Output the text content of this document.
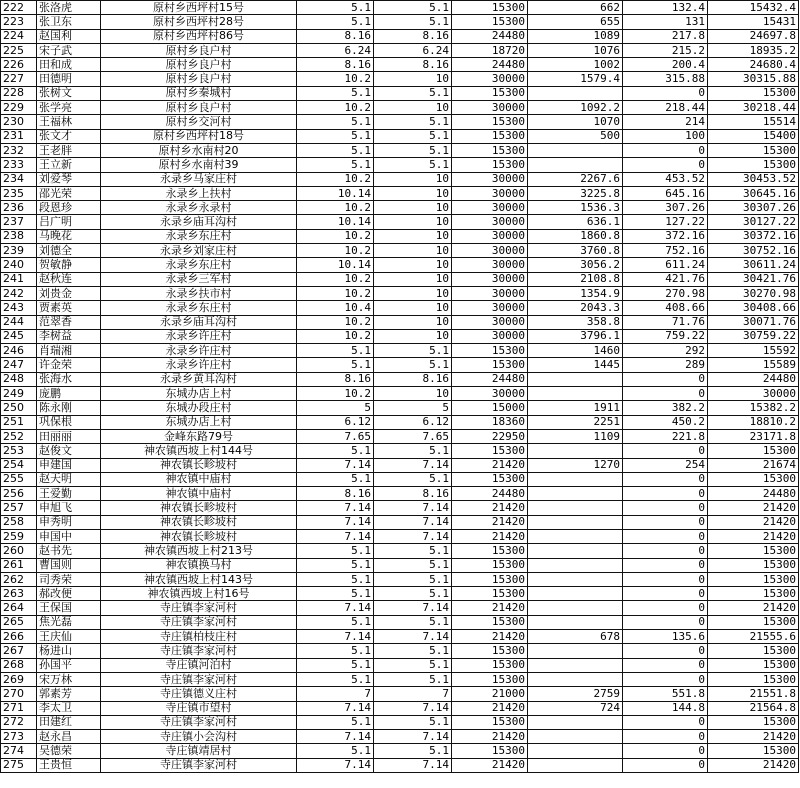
222	张洛虎	原村乡西坪村15号	5.1	5.1	15300	662	132.4	15432.4
223	张卫东	原村乡西坪村28号	5.1	5.1	15300	655	131	15431
224	赵国利	原村乡西坪村86号	8.16	8.16	24480	1089	217.8	24697.8
225	宋子武	原村乡良户村	6.24	6.24	18720	1076	215.2	18935.2
226	田和成	原村乡良户村	8.16	8.16	24480	1002	200.4	24680.4
227	田德明	原村乡良户村	10.2	10	30000	1579.4	315.88	30315.88
228	张树文	原村乡秦城村	5.1	5.1	15300		0	15300
229	张学亮	原村乡良户村	10.2	10	30000	1092.2	218.44	30218.44
230	王福林	原村乡交河村	5.1	5.1	15300	1070	214	15514
231	张文才	原村乡西坪村18号	5.1	5.1	15300	500	100	15400
232	王老胖	原村乡水南村20	5.1	5.1	15300		0	15300
233	王立新	原村乡水南村39	5.1	5.1	15300		0	15300
234	刘爱琴	永录乡马家庄村	10.2	10	30000	2267.6	453.52	30453.52
235	邵光荣	永录乡上扶村	10.14	10	30000	3225.8	645.16	30645.16
236	段恩珍	永录乡永录村	10.2	10	30000	1536.3	307.26	30307.26
237	吕广明	永录乡庙耳沟村	10.14	10	30000	636.1	127.22	30127.22
238	马晚花	永录乡东庄村	10.2	10	30000	1860.8	372.16	30372.16
239	刘德全	永录乡刘家庄村	10.2	10	30000	3760.8	752.16	30752.16
240	贺敏静	永录乡东庄村	10.14	10	30000	3056.2	611.24	30611.24
241	赵秋连	永录乡三军村	10.2	10	30000	2108.8	421.76	30421.76
242	刘贵金	永录乡扶市村	10.2	10	30000	1354.9	270.98	30270.98
243	贾素英	永录乡东庄村	10.4	10	30000	2043.3	408.66	30408.66
244	范翠香	永录乡庙耳沟村	10.2	10	30000	358.8	71.76	30071.76
245	李树益	永录乡许庄村	10.2	10	30000	3796.1	759.22	30759.22
246	肖瑞湘	永录乡许庄村	5.1	5.1	15300	1460	292	15592
247	许金荣	永录乡许庄村	5.1	5.1	15300	1445	289	15589
248	张海水	永录乡黄耳沟村	8.16	8.16	24480		0	24480
249	庞鹏	东城办店上村	10.2	10	30000		0	30000
250	陈永刚	东城办段庄村	5	5	15000	1911	382.2	15382.2
251	巩保根	东城办店上村	6.12	6.12	18360	2251	450.2	18810.2
252	田丽丽	金峰东路79号	7.65	7.65	22950	1109	221.8	23171.8
253	赵俊文	神农镇西坡上村144号	5.1	5.1	15300		0	15300
254	申建国	神农镇长畛坡村	7.14	7.14	21420	1270	254	21674
255	赵天明	神农镇中庙村	5.1	5.1	15300		0	15300
256	王爱勤	神农镇中庙村	8.16	8.16	24480		0	24480
257	申旭飞	神农镇长畛坡村	7.14	7.14	21420		0	21420
258	申秀明	神农镇长畛坡村	7.14	7.14	21420		0	21420
259	申国中	神农镇长畛坡村	7.14	7.14	21420		0	21420
260	赵书先	神农镇西坡上村213号	5.1	5.1	15300		0	15300
261	曹国则	神农镇换马村	5.1	5.1	15300		0	15300
262	司秀荣	神农镇西坡上村143号	5.1	5.1	15300		0	15300
263	郝改便	神农镇西坡上村16号	5.1	5.1	15300		0	15300
264	王保国	寺庄镇李家河村	7.14	7.14	21420		0	21420
265	焦光磊	寺庄镇李家河村	5.1	5.1	15300		0	15300
266	王庆仙	寺庄镇柏枝庄村	7.14	7.14	21420	678	135.6	21555.6
267	杨进山	寺庄镇李家河村	5.1	5.1	15300		0	15300
268	孙国平	寺庄镇河泊村	5.1	5.1	15300		0	15300
269	宋万林	寺庄镇李家河村	5.1	5.1	15300		0	15300
270	郭素芳	寺庄镇德义庄村	7	7	21000	2759	551.8	21551.8
271	李太卫	寺庄镇市望村	7.14	7.14	21420	724	144.8	21564.8
272	田建红	寺庄镇李家河村	5.1	5.1	15300		0	15300
273	赵永昌	寺庄镇小会沟村	7.14	7.14	21420		0	21420
274	吴德荣	寺庄镇靖居村	5.1	5.1	15300		0	15300
275	王贵恒	寺庄镇李家河村	7.14	7.14	21420		0	21420
